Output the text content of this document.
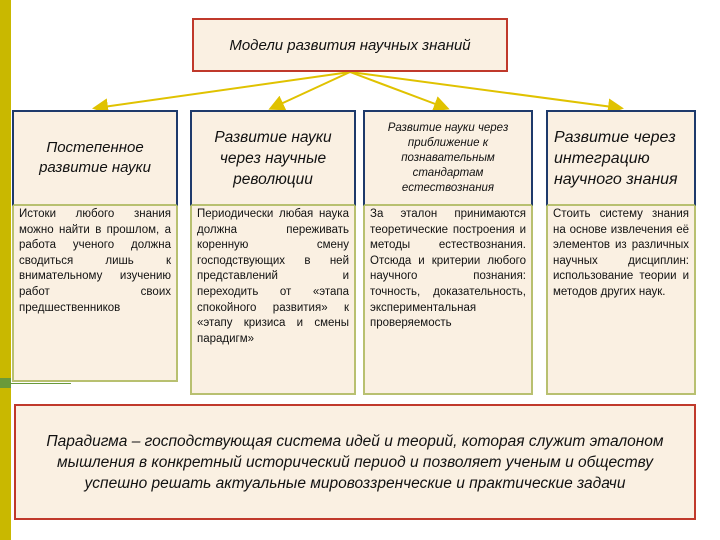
Модели развития научных знаний
Постепенное развитие науки
Истоки любого знания можно найти в прошлом, а работа ученого должна сводиться лишь к внимательному изучению работ своих предшественников
Развитие науки через научные революции
Периодически любая наука должна переживать коренную смену господствующих в ней представлений и переходить от «этапа спокойного развития» к «этапу кризиса и смены парадигм»
Развитие науки через приближение к познавательным стандартам естествознания
За эталон принимаются теоретические построения и методы естествознания. Отсюда и критерии любого научного познания: точность, доказательность, экспериментальная проверяемость
Развитие через интеграцию научного знания
Стоить систему знания на основе извлечения её элементов из различных научных дисциплин: использование теории и методов других наук.
Парадигма – господствующая система идей и теорий, которая служит эталоном мышления в конкретный исторический период и позволяет ученым и обществу успешно решать актуальные мировоззренческие и практические задачи
